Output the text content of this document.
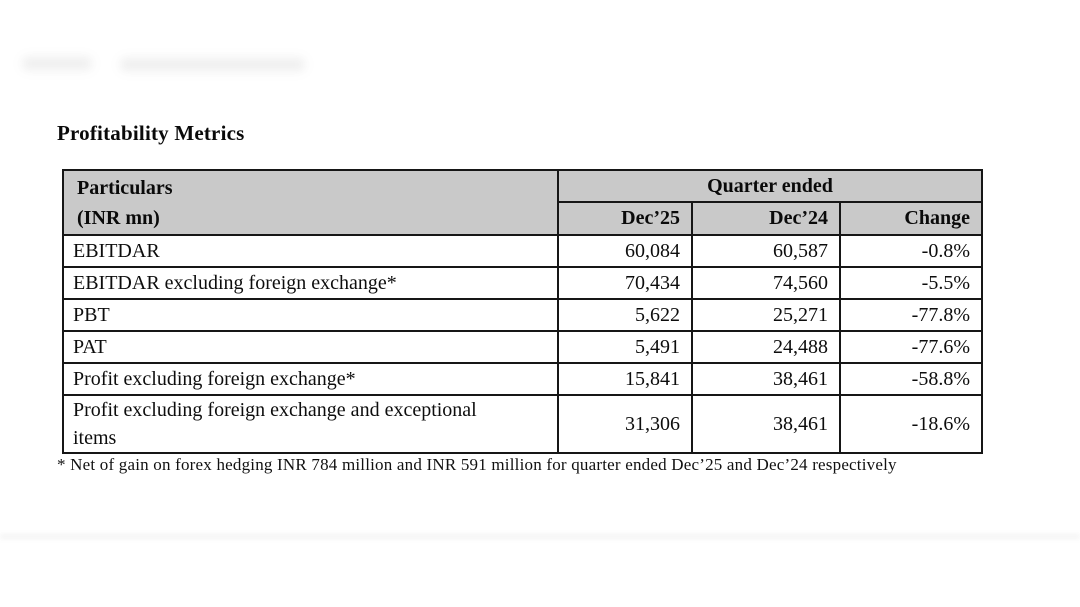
Profitability Metrics
Particulars
(INR mn)	Quarter ended		
	Dec’25	Dec’24	Change
EBITDAR	60,084	60,587	-0.8%
EBITDAR excluding foreign exchange*	70,434	74,560	-5.5%
PBT	5,622	25,271	-77.8%
PAT	5,491	24,488	-77.6%
Profit excluding foreign exchange*	15,841	38,461	-58.8%
Profit excluding foreign exchange and exceptional items	31,306	38,461	-18.6%

* Net of gain on forex hedging INR 784 million and INR 591 million for quarter ended Dec’25 and Dec’24 respectively
